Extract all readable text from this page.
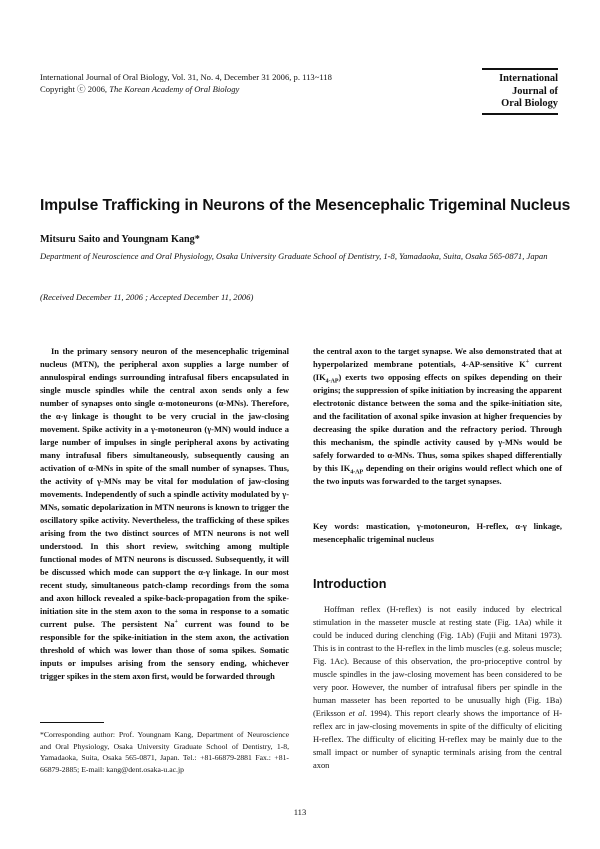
International Journal of Oral Biology, Vol. 31, No. 4, December 31 2006, p. 113~118
Copyright ⓒ 2006, The Korean Academy of Oral Biology
International
Journal of
Oral Biology
Impulse Trafficking in Neurons of the Mesencephalic Trigeminal Nucleus
Mitsuru Saito and Youngnam Kang*
Department of Neuroscience and Oral Physiology, Osaka University Graduate School of Dentistry, 1-8, Yamadaoka, Suita, Osaka 565-0871, Japan
(Received December 11, 2006 ; Accepted December 11, 2006)

In the primary sensory neuron of the mesencephalic trigeminal nucleus (MTN), the peripheral axon supplies a large number of annulospiral endings surrounding intrafusal fibers encapsulated in single muscle spindles while the central axon sends only a few number of synapses onto single α-motoneurons (α-MNs). Therefore, the α-γ linkage is thought to be very crucial in the jaw-closing movement. Spike activity in a γ-motoneuron (γ-MN) would induce a large number of impulses in single peripheral axons by activating many intrafusal fibers simultaneously, subsequently causing an activation of α-MNs in spite of the small number of synapses. Thus, the activity of γ-MNs may be vital for modulation of jaw-closing movements. Independently of such a spindle activity modulated by γ-MNs, somatic depolarization in MTN neurons is known to trigger the oscillatory spike activity. Nevertheless, the trafficking of these spikes arising from the two distinct sources of MTN neurons is not well understood. In this short review, switching among multiple functional modes of MTN neurons is discussed. Subsequently, it will be discussed which mode can support the α-γ linkage. In our most recent study, simultaneous patch-clamp recordings from the soma and axon hillock revealed a spike-back-propagation from the spike-initiation site in the stem axon to the soma in response to a somatic current pulse. The persistent Na+ current was found to be responsible for the spike-initiation in the stem axon, the activation threshold of which was lower than those of soma spikes. Somatic inputs or impulses arising from the sensory ending, whichever trigger spikes in the stem axon first, would be forwarded through

the central axon to the target synapse. We also demonstrated that at hyperpolarized membrane potentials, 4-AP-sensitive K+ current $(IK_{4-AP})$ exerts two opposing effects on spikes depending on their origins; the suppression of spike initiation by increasing the apparent electrotonic distance between the soma and the spike-initiation site, and the facilitation of axonal spike invasion at higher frequencies by decreasing the spike duration and the refractory period. Through this mechanism, the spindle activity caused by γ-MNs would be safely forwarded to α-MNs. Thus, soma spikes shaped differentially by this $IK_{4-AP}$ depending on their origins would reflect which one of the two inputs was forwarded to the target synapses.

Key words: mastication, γ-motoneuron, H-reflex, α-γ linkage, mesencephalic trigeminal nucleus

Introduction

Hoffman reflex (H-reflex) is not easily induced by electrical stimulation in the masseter muscle at resting state (Fig. 1Aa) while it could be induced during clenching (Fig. 1Ab) (Fujii and Mitani 1973). This is in contrast to the H-reflex in the limb muscles (e.g. soleus muscle; Fig. 1Ac). Because of this observation, the pro-prioceptive control by muscle spindles in the jaw-closing movement has been considered to be very poor. However, the number of intrafusal fibers per spindle in the human masseter has been reported to be unusually high (Fig. 1Ba) (Eriksson et al. 1994). This report clearly shows the importance of H-reflex arc in jaw-closing movements in spite of the difficulty of eliciting H-reflex. The difficulty of eliciting H-reflex may be mainly due to the small impact or number of synaptic terminals arising from the central axon

*Corresponding author: Prof. Youngnam Kang, Department of Neuroscience and Oral Physiology, Osaka University Graduate School of Dentistry, 1-8, Yamadaoka, Suita, Osaka 565-0871, Japan. Tel.: +81-66879-2881 Fax.: +81-66879-2885; E-mail: kang@dent.osaka-u.ac.jp

113
